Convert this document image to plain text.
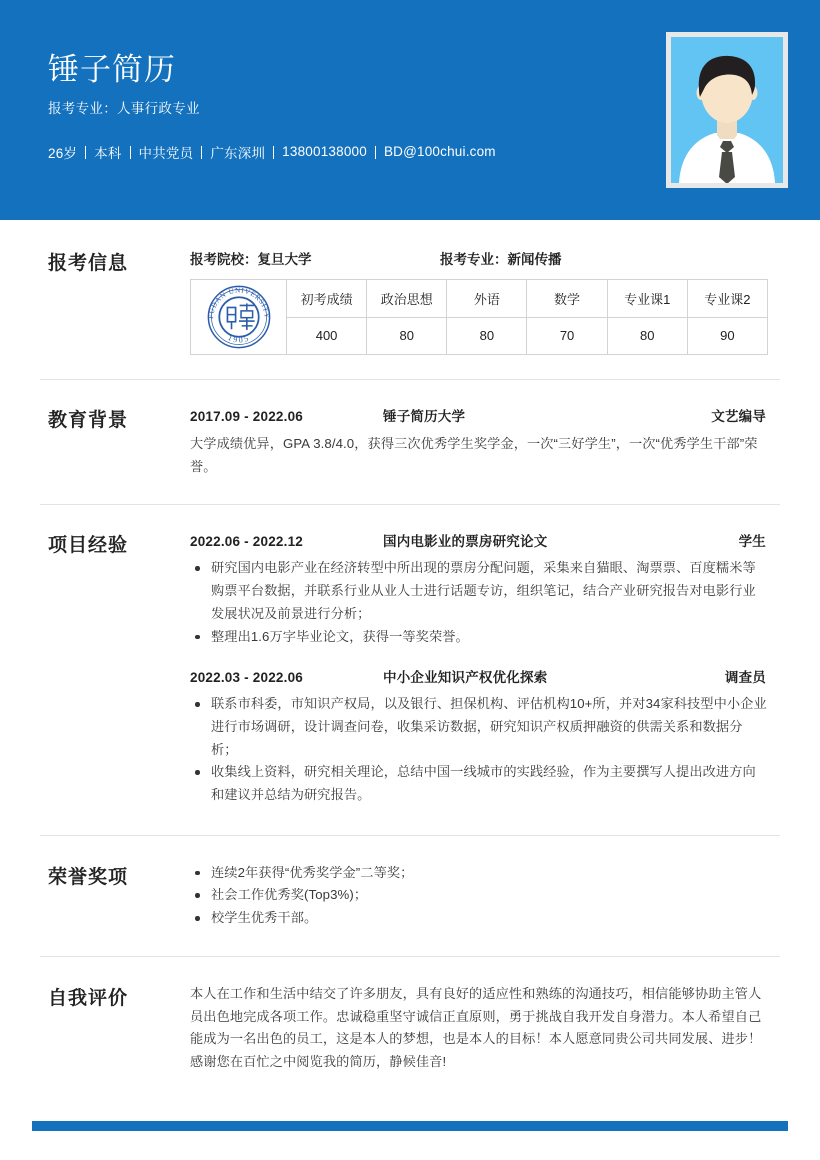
锤子简历
报考专业：人事行政专业
26岁 本科 中共党员 广东深圳 13800138000 BD@100chui.com
报考信息	报考院校：复旦大学	报考专业：新闻传播
FUDAN UNIVERSITY
1905	初考成绩	政治思想	外语	数学	专业课1	专业课2
	400	80	80	70	80	90
教育背景	2017.09 - 2022.06	锤子简历大学	文艺编导
大学成绩优异，GPA 3.8/4.0，获得三次优秀学生奖学金，一次“三好学生”，一次“优秀学生干部”荣誉。
项目经验	2022.06 - 2022.12	国内电影业的票房研究论文	学生
研究国内电影产业在经济转型中所出现的票房分配问题，采集来自猫眼、淘票票、百度糯米等购票平台数据，并联系行业从业人士进行话题专访，组织笔记，结合产业研究报告对电影行业发展状况及前景进行分析；
整理出1.6万字毕业论文，获得一等奖荣誉。
2022.03 - 2022.06	中小企业知识产权优化探索	调查员
联系市科委，市知识产权局，以及银行、担保机构、评估机构10+所，并对34家科技型中小企业进行市场调研，设计调查问卷，收集采访数据，研究知识产权质押融资的供需关系和数据分析；
收集线上资料，研究相关理论，总结中国一线城市的实践经验，作为主要撰写人提出改进方向和建议并总结为研究报告。
荣誉奖项	连续2年获得“优秀奖学金”二等奖；
社会工作优秀奖(Top3%)；
校学生优秀干部。
自我评价	本人在工作和生活中结交了许多朋友，具有良好的适应性和熟练的沟通技巧，相信能够协助主管人员出色地完成各项工作。忠诚稳重坚守诚信正直原则，勇于挑战自我开发自身潜力。本人希望自己能成为一名出色的员工，这是本人的梦想，也是本人的目标！本人愿意同贵公司共同发展、进步！感谢您在百忙之中阅览我的简历，静候佳音!
